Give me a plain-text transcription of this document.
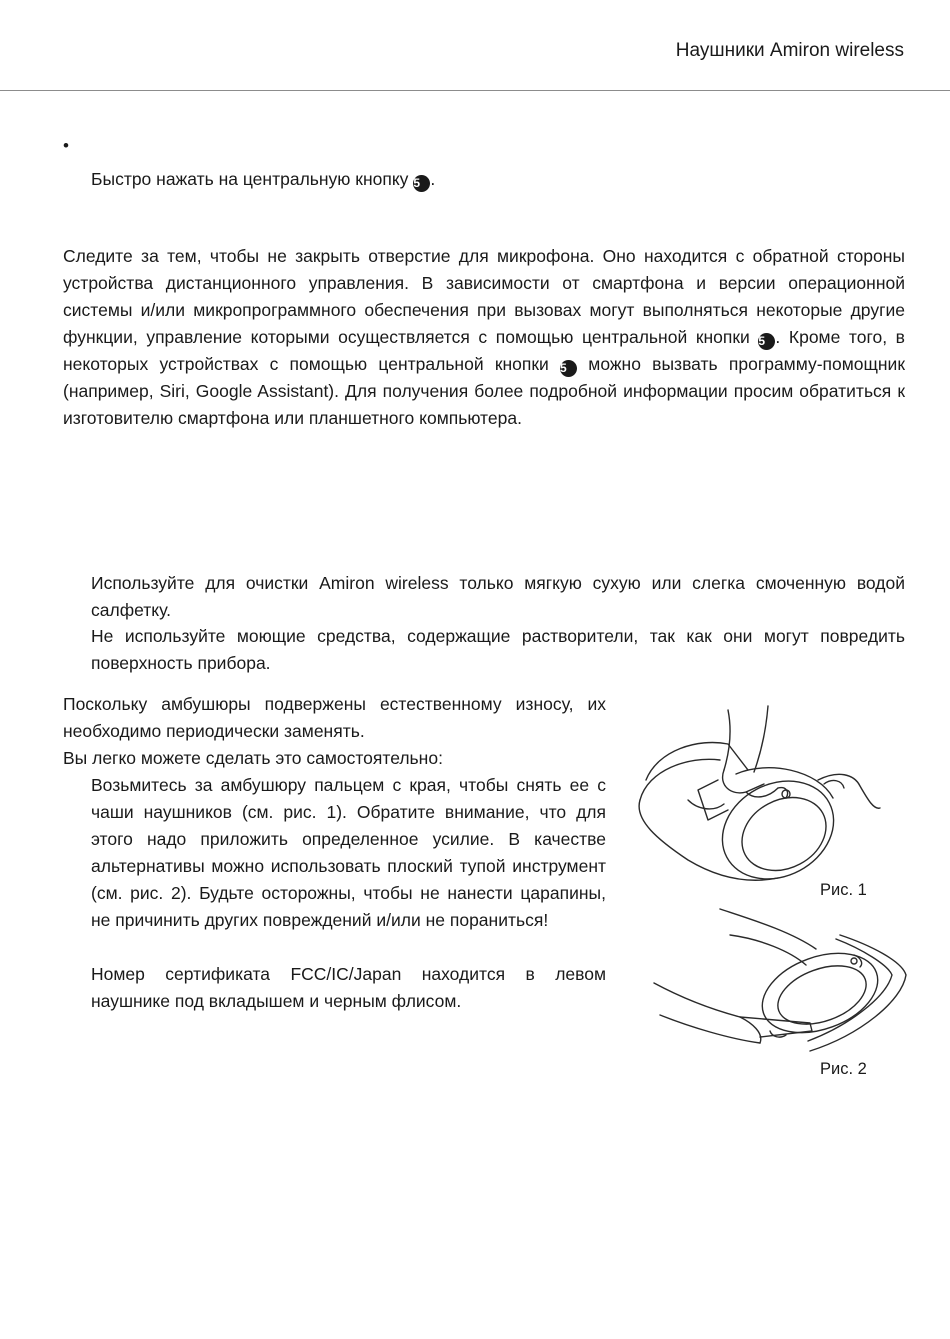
Наушники Amiron wireless
•
Быстро нажать на центральную кнопку 5 .
Следите за тем, чтобы не закрыть отверстие для микрофона. Оно находится с обратной стороны устройства дистанционного управления. В зависимости от смартфона и версии операционной системы и/или микропрограммного обеспечения при вызовах могут выполняться некоторые другие функции, управление которыми осуществляется с помощью центральной кнопки 5 . Кроме того, в некоторых устройствах с помощью центральной кнопки 5 можно вызвать программу-помощник (например, Siri, Google Assistant). Для получения более подробной информации просим обратиться к изготовителю смартфона или планшетного компьютера.
Используйте для очистки Amiron wireless только мягкую сухую или слегка смоченную водой салфетку.
Не используйте моющие средства, содержащие растворители, так как они могут повредить поверхность прибора.
Поскольку амбушюры подвержены естественному износу, их необходимо периодически заменять.
Вы легко можете сделать это самостоятельно:
Возьмитесь за амбушюру пальцем с края, чтобы снять ее с чаши наушников (см. рис. 1). Обратите внимание, что для этого надо приложить определенное усилие. В качестве альтернативы можно использовать плоский тупой инструмент (см. рис. 2). Будьте осторожны, чтобы не нанести царапины, не причинить других повреждений и/или не пораниться!
Номер сертификата FCC/IC/Japan находится в левом наушнике под вкладышем и черным флисом.
Рис. 1
Рис. 2
